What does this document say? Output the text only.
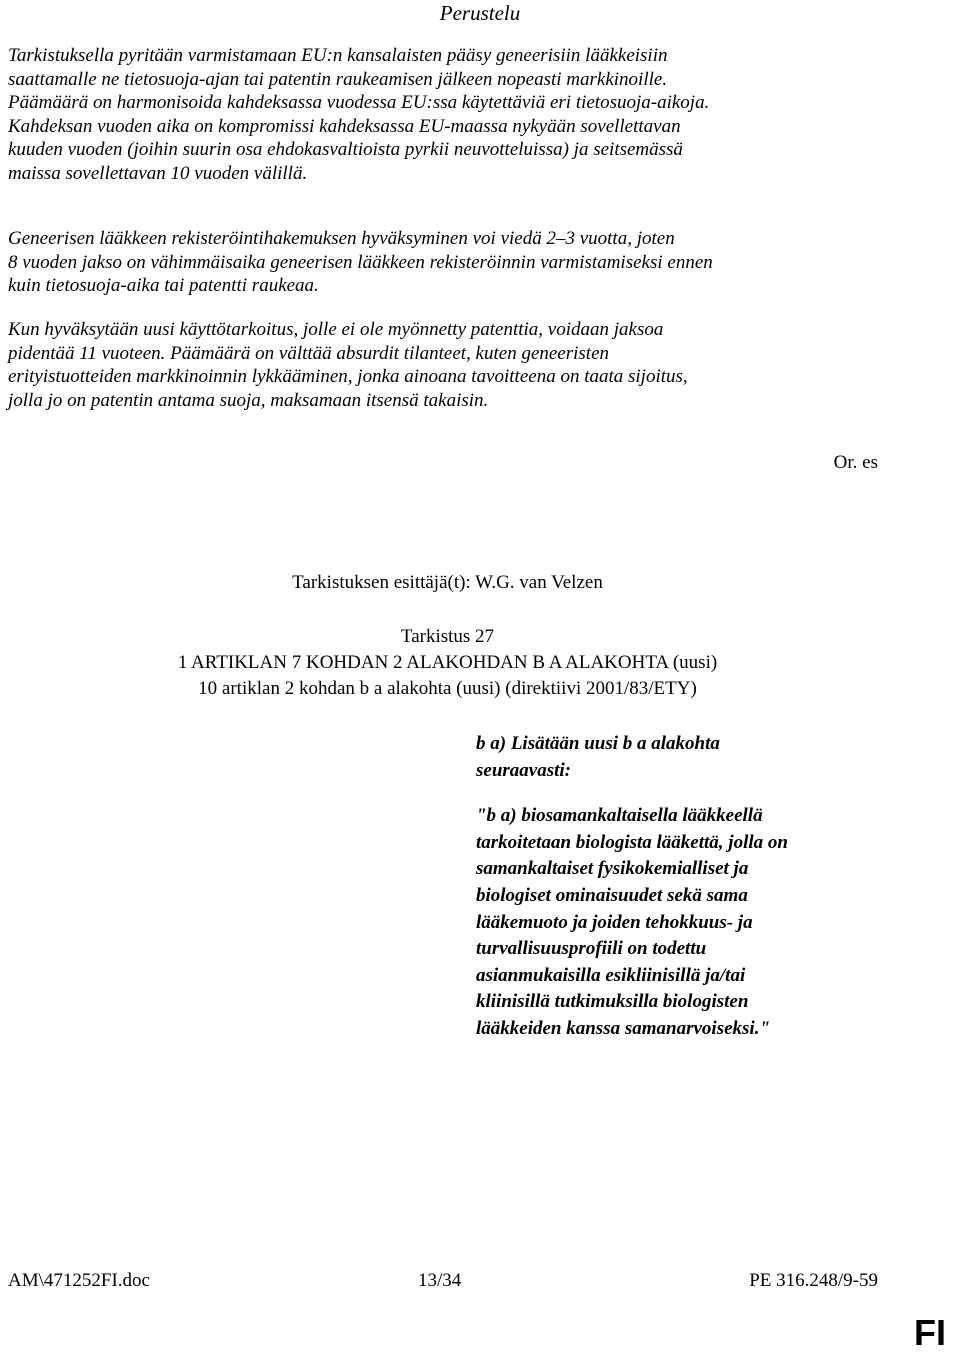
Perustelu
Tarkistuksella pyritään varmistamaan EU:n kansalaisten pääsy geneerisiin lääkkeisiin
saattamalle ne tietosuoja-ajan tai patentin raukeamisen jälkeen nopeasti markkinoille.
Päämäärä on harmonisoida kahdeksassa vuodessa EU:ssa käytettäviä eri tietosuoja-aikoja.
Kahdeksan vuoden aika on kompromissi kahdeksassa EU-maassa nykyään sovellettavan
kuuden vuoden (joihin suurin osa ehdokasvaltioista pyrkii neuvotteluissa) ja seitsemässä
maissa sovellettavan 10 vuoden välillä.
Geneerisen lääkkeen rekisteröintihakemuksen hyväksyminen voi viedä 2–3 vuotta, joten
8 vuoden jakso on vähimmäisaika geneerisen lääkkeen rekisteröinnin varmistamiseksi ennen
kuin tietosuoja-aika tai patentti raukeaa.
Kun hyväksytään uusi käyttötarkoitus, jolle ei ole myönnetty patenttia, voidaan jaksoa
pidentää 11 vuoteen. Päämäärä on välttää absurdit tilanteet, kuten geneeristen
erityistuotteiden markkinoinnin lykkääminen, jonka ainoana tavoitteena on taata sijoitus,
jolla jo on patentin antama suoja, maksamaan itsensä takaisin.
Or. es
Tarkistuksen esittäjä(t): W.G. van Velzen
Tarkistus 27
1 ARTIKLAN 7 KOHDAN 2 ALAKOHDAN B A ALAKOHTA (uusi)
10 artiklan 2 kohdan b a alakohta (uusi) (direktiivi 2001/83/ETY)
b a) Lisätään uusi b a alakohta
seuraavasti:
"b a) biosamankaltaisella lääkkeellä
tarkoitetaan biologista lääkettä, jolla on
samankaltaiset fysikokemialliset ja
biologiset ominaisuudet sekä sama
lääkemuoto ja joiden tehokkuus- ja
turvallisuusprofiili on todettu
asianmukaisilla esikliinisillä ja/tai
kliinisillä tutkimuksilla biologisten
lääkkeiden kanssa samanarvoiseksi."
AM\471252FI.doc	13/34	PE 316.248/9-59
FI
